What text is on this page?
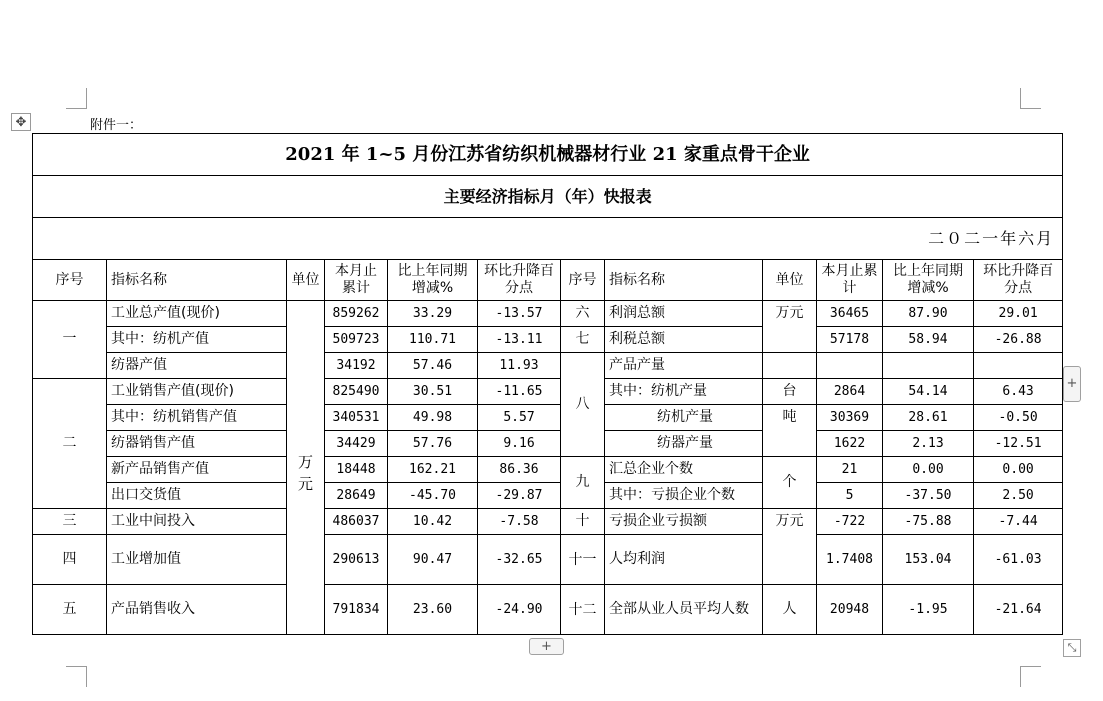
✥	附件一：
2021 年 1~5 月份江苏省纺织机械器材行业 21 家重点骨干企业											
主要经济指标月（年）快报表											
二０二一年六月											
序号	指标名称	单位	本月止累计	比上年同期增减%	环比升降百分点	序号	指标名称	单位	本月止累计	比上年同期增减%	环比升降百分点
一	工业总产值(现价)	万元	859262	33.29	-13.57	六	利润总额	万元	36465	87.90	29.01
	其中：纺机产值		509723	110.71	-13.11	七	利税总额		57178	58.94	-26.88
	纺器产值		34192	57.46	11.93	八	产品产量				
二	工业销售产值(现价)		825490	30.51	-11.65		其中：纺机产量	台	2864	54.14	6.43
	其中：纺机销售产值		340531	49.98	5.57		纺机产量	吨	30369	28.61	-0.50
	纺器销售产值		34429	57.76	9.16		纺器产量		1622	2.13	-12.51
	新产品销售产值		18448	162.21	86.36	九	汇总企业个数	个	21	0.00	0.00
	出口交货值		28649	-45.70	-29.87		其中：亏损企业个数		5	-37.50	2.50
三	工业中间投入		486037	10.42	-7.58	十	亏损企业亏损额	万元	-722	-75.88	-7.44
四	工业增加值		290613	90.47	-32.65	十一	人均利润		1.7408	153.04	-61.03
五	产品销售收入		791834	23.60	-24.90	十二	全部从业人员平均人数	人	20948	-1.95	-21.64
+
+
⤡
